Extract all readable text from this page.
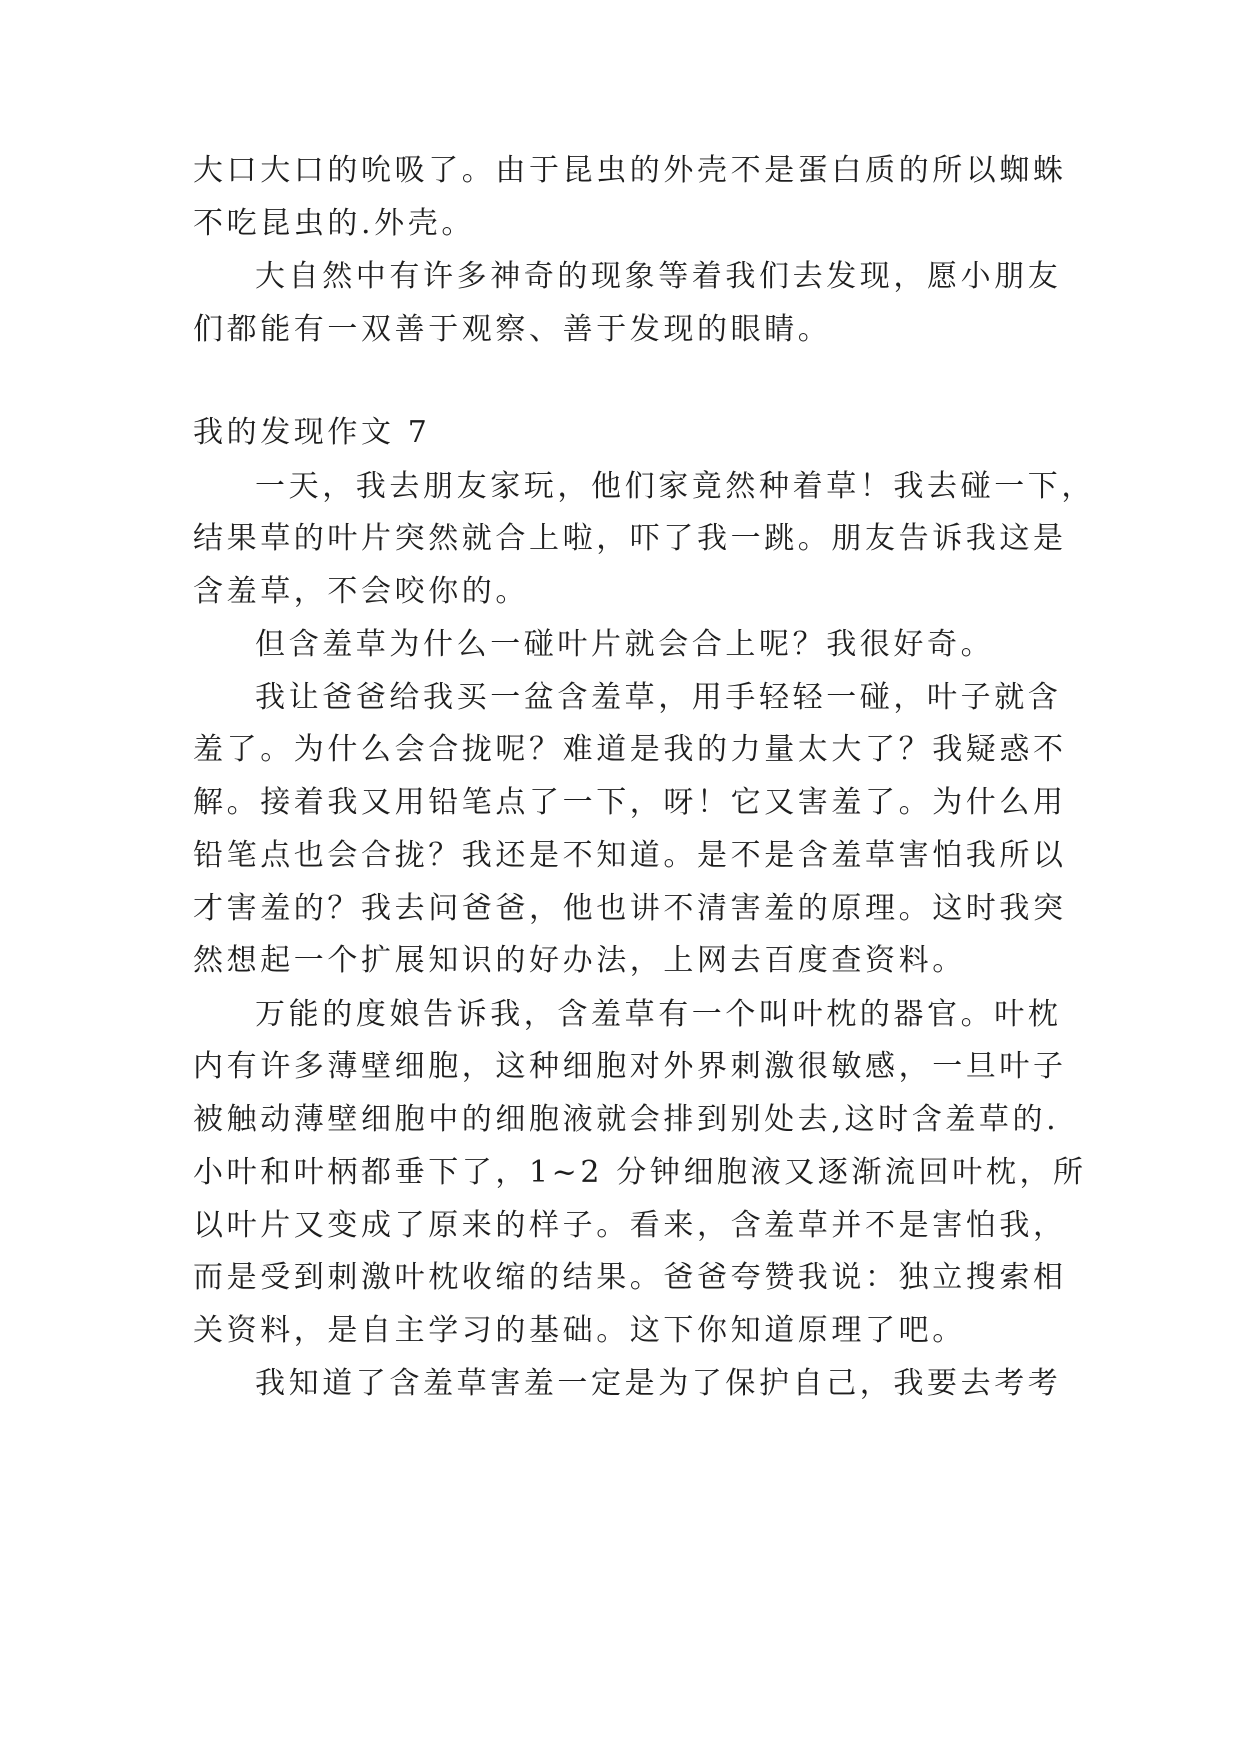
大口大口的吮吸了。由于昆虫的外壳不是蛋白质的所以蜘蛛

不吃昆虫的.外壳。

大自然中有许多神奇的现象等着我们去发现，愿小朋友

们都能有一双善于观察、善于发现的眼睛。

我的发现作文 7

一天，我去朋友家玩，他们家竟然种着草！我去碰一下，

结果草的叶片突然就合上啦，吓了我一跳。朋友告诉我这是

含羞草，不会咬你的。

但含羞草为什么一碰叶片就会合上呢？我很好奇。

我让爸爸给我买一盆含羞草，用手轻轻一碰，叶子就含

羞了。为什么会合拢呢？难道是我的力量太大了？我疑惑不

解。接着我又用铅笔点了一下，呀！它又害羞了。为什么用

铅笔点也会合拢？我还是不知道。是不是含羞草害怕我所以

才害羞的？我去问爸爸，他也讲不清害羞的原理。这时我突

然想起一个扩展知识的好办法，上网去百度查资料。

万能的度娘告诉我，含羞草有一个叫叶枕的器官。叶枕

内有许多薄壁细胞，这种细胞对外界刺激很敏感，一旦叶子

被触动薄壁细胞中的细胞液就会排到别处去,这时含羞草的.

小叶和叶柄都垂下了，1~2 分钟细胞液又逐渐流回叶枕，所

以叶片又变成了原来的样子。看来，含羞草并不是害怕我，

而是受到刺激叶枕收缩的结果。爸爸夸赞我说：独立搜索相

关资料，是自主学习的基础。这下你知道原理了吧。

我知道了含羞草害羞一定是为了保护自己，我要去考考
